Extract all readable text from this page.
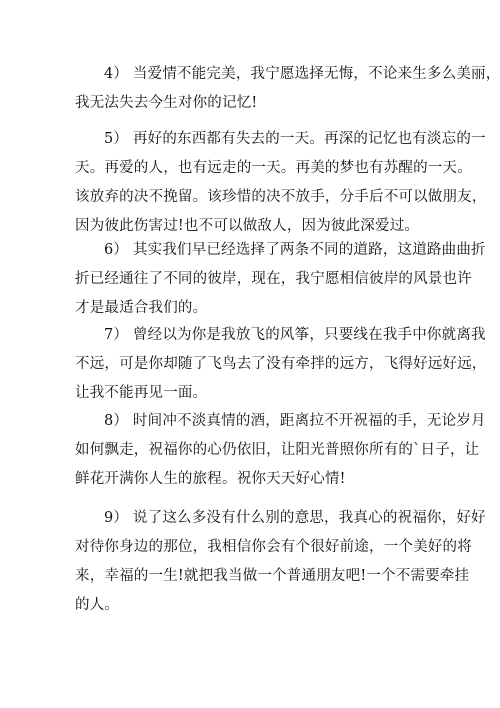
4） 当爱情不能完美，我宁愿选择无悔，不论来生多么美丽，
我无法失去今生对你的记忆!
5） 再好的东西都有失去的一天。再深的记忆也有淡忘的一
天。再爱的人，也有远走的一天。再美的梦也有苏醒的一天。
该放弃的决不挽留。该珍惜的决不放手，分手后不可以做朋友，
因为彼此伤害过!也不可以做敌人，因为彼此深爱过。
6） 其实我们早已经选择了两条不同的道路，这道路曲曲折
折已经通往了不同的彼岸，现在，我宁愿相信彼岸的风景也许
才是最适合我们的。
7） 曾经以为你是我放飞的风筝，只要线在我手中你就离我
不远，可是你却随了飞鸟去了没有牵拌的远方，飞得好远好远，
让我不能再见一面。
8） 时间冲不淡真情的酒，距离拉不开祝福的手，无论岁月
如何飘走，祝福你的心仍依旧，让阳光普照你所有的`日子，让
鲜花开满你人生的旅程。祝你天天好心情!
9） 说了这么多没有什么别的意思，我真心的祝福你，好好
对待你身边的那位，我相信你会有个很好前途，一个美好的将
来，幸福的一生!就把我当做一个普通朋友吧!一个不需要牵挂
的人。
